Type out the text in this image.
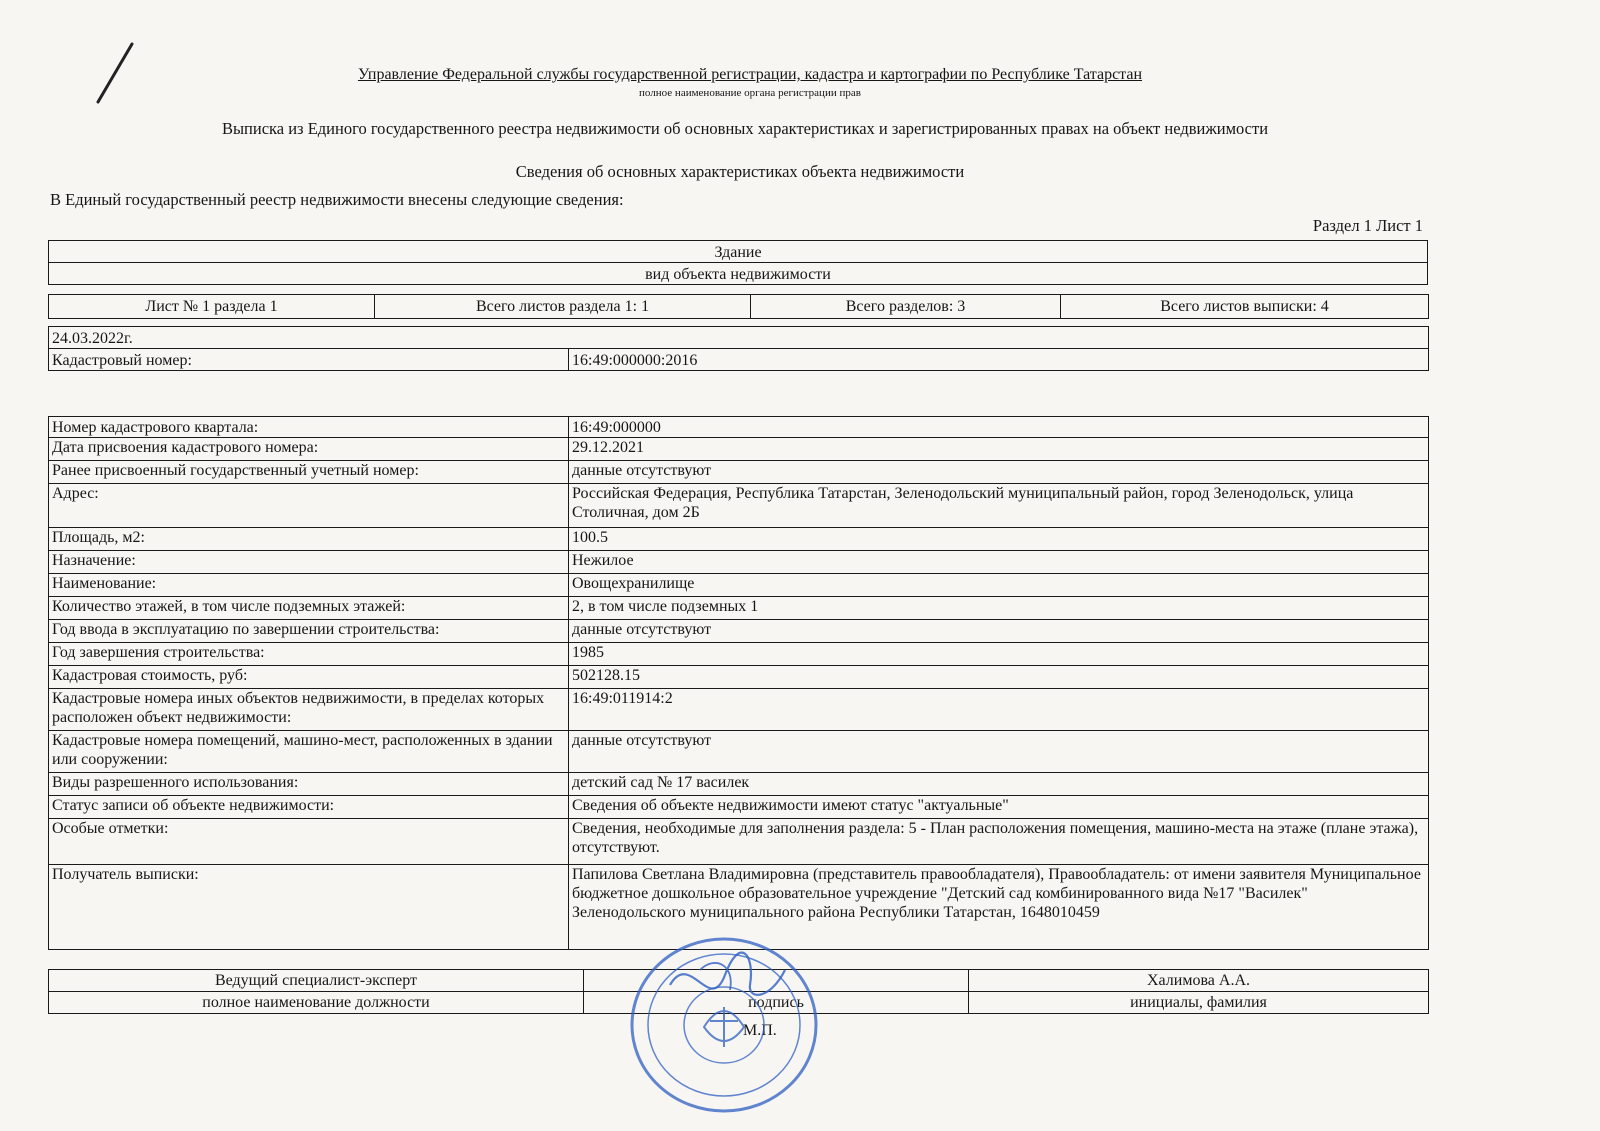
Управление Федеральной службы государственной регистрации, кадастра и картографии по Республике Татарстан
полное наименование органа регистрации прав
Выписка из Единого государственного реестра недвижимости об основных характеристиках и зарегистрированных правах на объект недвижимости
Сведения об основных характеристиках объекта недвижимости
В Единый государственный реестр недвижимости внесены следующие сведения:
Раздел 1 Лист 1
Здание
вид объекта недвижимости
Лист № 1 раздела 1	Всего листов раздела 1: 1	Всего разделов: 3	Всего листов выписки: 4
24.03.2022г.
Кадастровый номер:	16:49:000000:2016
Номер кадастрового квартала:	16:49:000000
Дата присвоения кадастрового номера:	29.12.2021
Ранее присвоенный государственный учетный номер:	данные отсутствуют
Адрес:	Российская Федерация, Республика Татарстан, Зеленодольский муниципальный район, город Зеленодольск, улица Столичная, дом 2Б
Площадь, м2:	100.5
Назначение:	Нежилое
Наименование:	Овощехранилище
Количество этажей, в том числе подземных этажей:	2, в том числе подземных 1
Год ввода в эксплуатацию по завершении строительства:	данные отсутствуют
Год завершения строительства:	1985
Кадастровая стоимость, руб:	502128.15
Кадастровые номера иных объектов недвижимости, в пределах которых расположен объект недвижимости:	16:49:011914:2
Кадастровые номера помещений, машино-мест, расположенных в здании или сооружении:	данные отсутствуют
Виды разрешенного использования:	детский сад № 17 василек
Статус записи об объекте недвижимости:	Сведения об объекте недвижимости имеют статус "актуальные"
Особые отметки:	Сведения, необходимые для заполнения раздела: 5 - План расположения помещения, машино-места на этаже (плане этажа), отсутствуют.
Получатель выписки:	Папилова Светлана Владимировна (представитель правообладателя), Правообладатель: от имени заявителя Муниципальное бюджетное дошкольное образовательное учреждение "Детский сад комбинированного вида №17 "Василек" Зеленодольского муниципального района Республики Татарстан, 1648010459
Ведущий специалист-эксперт		Халимова А.А.
полное наименование должности	подпись	инициалы, фамилия
М.П.
